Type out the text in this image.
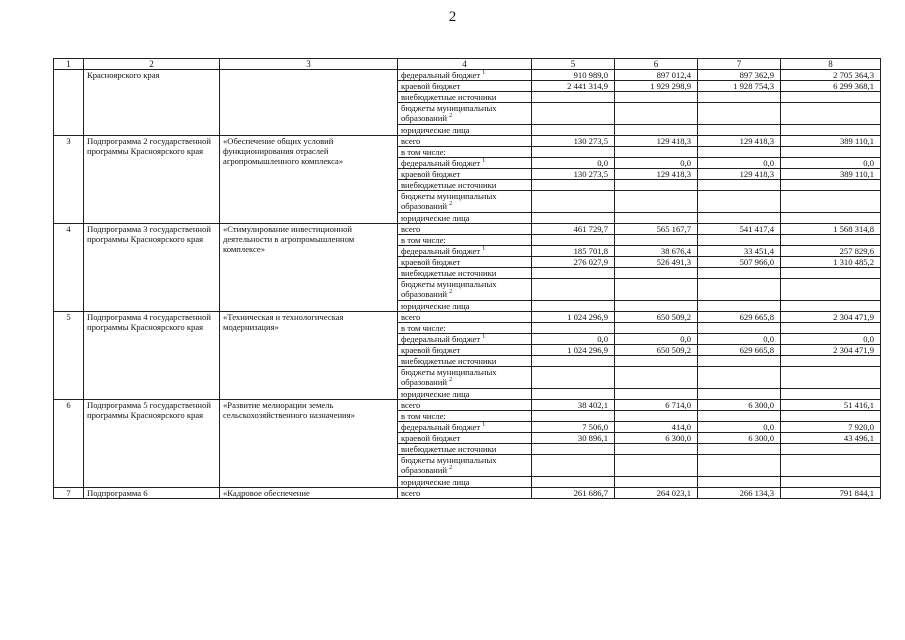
2
1	2	3	4	5	6	7	8
	Красноярского края		федеральный бюджет $^1$	910 989,0	897 012,4	897 362,9	2 705 364,3
			краевой бюджет	2 441 314,9	1 929 298,9	1 928 754,3	6 299 368,1
			внебюджетные источники				
			бюджеты муниципальных образований $^2$				
			юридические лица				
3	Подпрограмма 2 государственной программы Красноярского края	«Обеспечение общих условий функционирования отраслей агропромышленного комплекса»	всего	130 273,5	129 418,3	129 418,3	389 110,1
			в том числе:				
			федеральный бюджет $^1$	0,0	0,0	0,0	0,0
			краевой бюджет	130 273,5	129 418,3	129 418,3	389 110,1
			внебюджетные источники				
			бюджеты муниципальных образований $^2$				
			юридические лица				
4	Подпрограмма 3 государственной программы Красноярского края	«Стимулирование инвестиционной деятельности в агропромышленном комплексе»	всего	461 729,7	565 167,7	541 417,4	1 568 314,8
			в том числе:				
			федеральный бюджет $^1$	185 701,8	38 676,4	33 451,4	257 829,6
			краевой бюджет	276 027,9	526 491,3	507 966,0	1 310 485,2
			внебюджетные источники				
			бюджеты муниципальных образований $^2$				
			юридические лица				
5	Подпрограмма 4 государственной программы Красноярского края	«Техническая и технологическая модернизация»	всего	1 024 296,9	650 509,2	629 665,8	2 304 471,9
			в том числе:				
			федеральный бюджет $^1$	0,0	0,0	0,0	0,0
			краевой бюджет	1 024 296,9	650 509,2	629 665,8	2 304 471,9
			внебюджетные источники				
			бюджеты муниципальных образований $^2$				
			юридические лица				
6	Подпрограмма 5 государственной программы Красноярского края	«Развитие мелиорации земель сельскохозяйственного назначения»	всего	38 402,1	6 714,0	6 300,0	51 416,1
			в том числе:				
			федеральный бюджет $^1$	7 506,0	414,0	0,0	7 920,0
			краевой бюджет	30 896,1	6 300,0	6 300,0	43 496,1
			внебюджетные источники				
			бюджеты муниципальных образований $^2$				
			юридические лица				
7	Подпрограмма 6	«Кадровое обеспечение	всего	261 686,7	264 023,1	266 134,3	791 844,1
